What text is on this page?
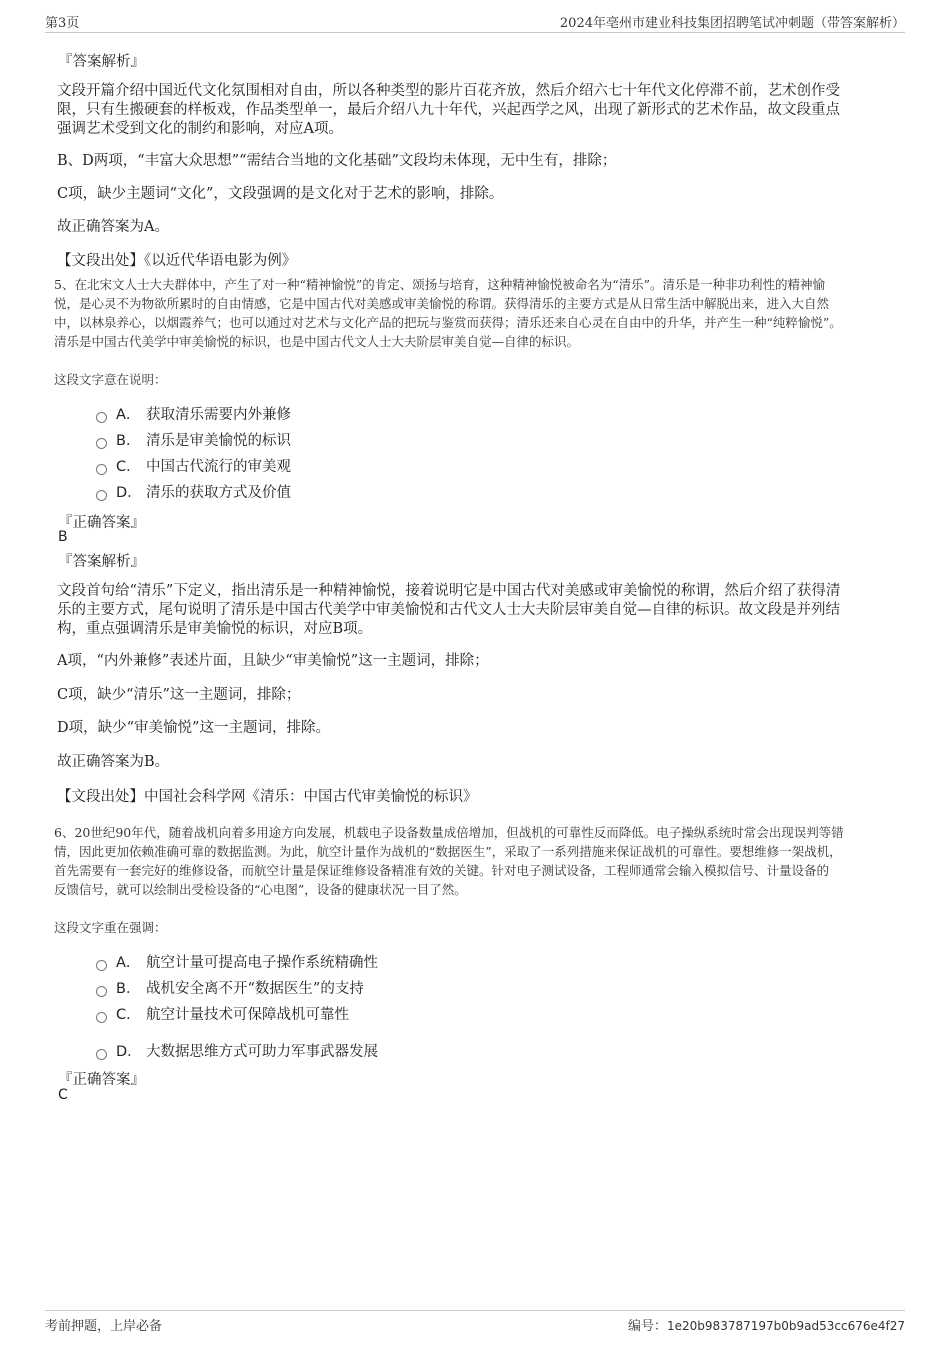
第3页	2024年亳州市建业科技集团招聘笔试冲刺题（带答案解析）
『答案解析』
文段开篇介绍中国近代文化氛围相对自由，所以各种类型的影片百花齐放，然后介绍六七十年代文化停滞不前，艺术创作受
限，只有生搬硬套的样板戏，作品类型单一，最后介绍八九十年代，兴起西学之风，出现了新形式的艺术作品，故文段重点
强调艺术受到文化的制约和影响，对应A项。
B、D两项，“丰富大众思想”“需结合当地的文化基础”文段均未体现，无中生有，排除；
C项，缺少主题词“文化”，文段强调的是文化对于艺术的影响，排除。
故正确答案为A。
【文段出处】《以近代华语电影为例》
5、在北宋文人士大夫群体中，产生了对一种“精神愉悦”的肯定、颂扬与培育，这种精神愉悦被命名为“清乐”。清乐是一种非功利性的精神愉
悦，是心灵不为物欲所累时的自由情感，它是中国古代对美感或审美愉悦的称谓。获得清乐的主要方式是从日常生活中解脱出来，进入大自然
中，以林泉养心，以烟霞养气；也可以通过对艺术与文化产品的把玩与鉴赏而获得；清乐还来自心灵在自由中的升华，并产生一种“纯粹愉悦”。
清乐是中国古代美学中审美愉悦的标识，也是中国古代文人士大夫阶层审美自觉—自律的标识。
这段文字意在说明：
A． 获取清乐需要内外兼修
B． 清乐是审美愉悦的标识
C． 中国古代流行的审美观
D． 清乐的获取方式及价值
『正确答案』
B
『答案解析』
文段首句给“清乐”下定义，指出清乐是一种精神愉悦，接着说明它是中国古代对美感或审美愉悦的称谓，然后介绍了获得清
乐的主要方式，尾句说明了清乐是中国古代美学中审美愉悦和古代文人士大夫阶层审美自觉—自律的标识。故文段是并列结
构，重点强调清乐是审美愉悦的标识，对应B项。
A项，“内外兼修”表述片面，且缺少“审美愉悦”这一主题词，排除；
C项，缺少“清乐”这一主题词，排除；
D项，缺少“审美愉悦”这一主题词，排除。
故正确答案为B。
【文段出处】中国社会科学网《清乐：中国古代审美愉悦的标识》
6、20世纪90年代，随着战机向着多用途方向发展，机载电子设备数量成倍增加，但战机的可靠性反而降低。电子操纵系统时常会出现误判等错
情，因此更加依赖准确可靠的数据监测。为此，航空计量作为战机的“数据医生”，采取了一系列措施来保证战机的可靠性。要想维修一架战机，
首先需要有一套完好的维修设备，而航空计量是保证维修设备精准有效的关键。针对电子测试设备，工程师通常会输入模拟信号、计量设备的
反馈信号，就可以绘制出受检设备的“心电图”，设备的健康状况一目了然。
这段文字重在强调：
A． 航空计量可提高电子操作系统精确性
B． 战机安全离不开“数据医生”的支持
C． 航空计量技术可保障战机可靠性
D． 大数据思维方式可助力军事武器发展
『正确答案』
C
考前押题，上岸必备	编号：1e20b983787197b0b9ad53cc676e4f27
